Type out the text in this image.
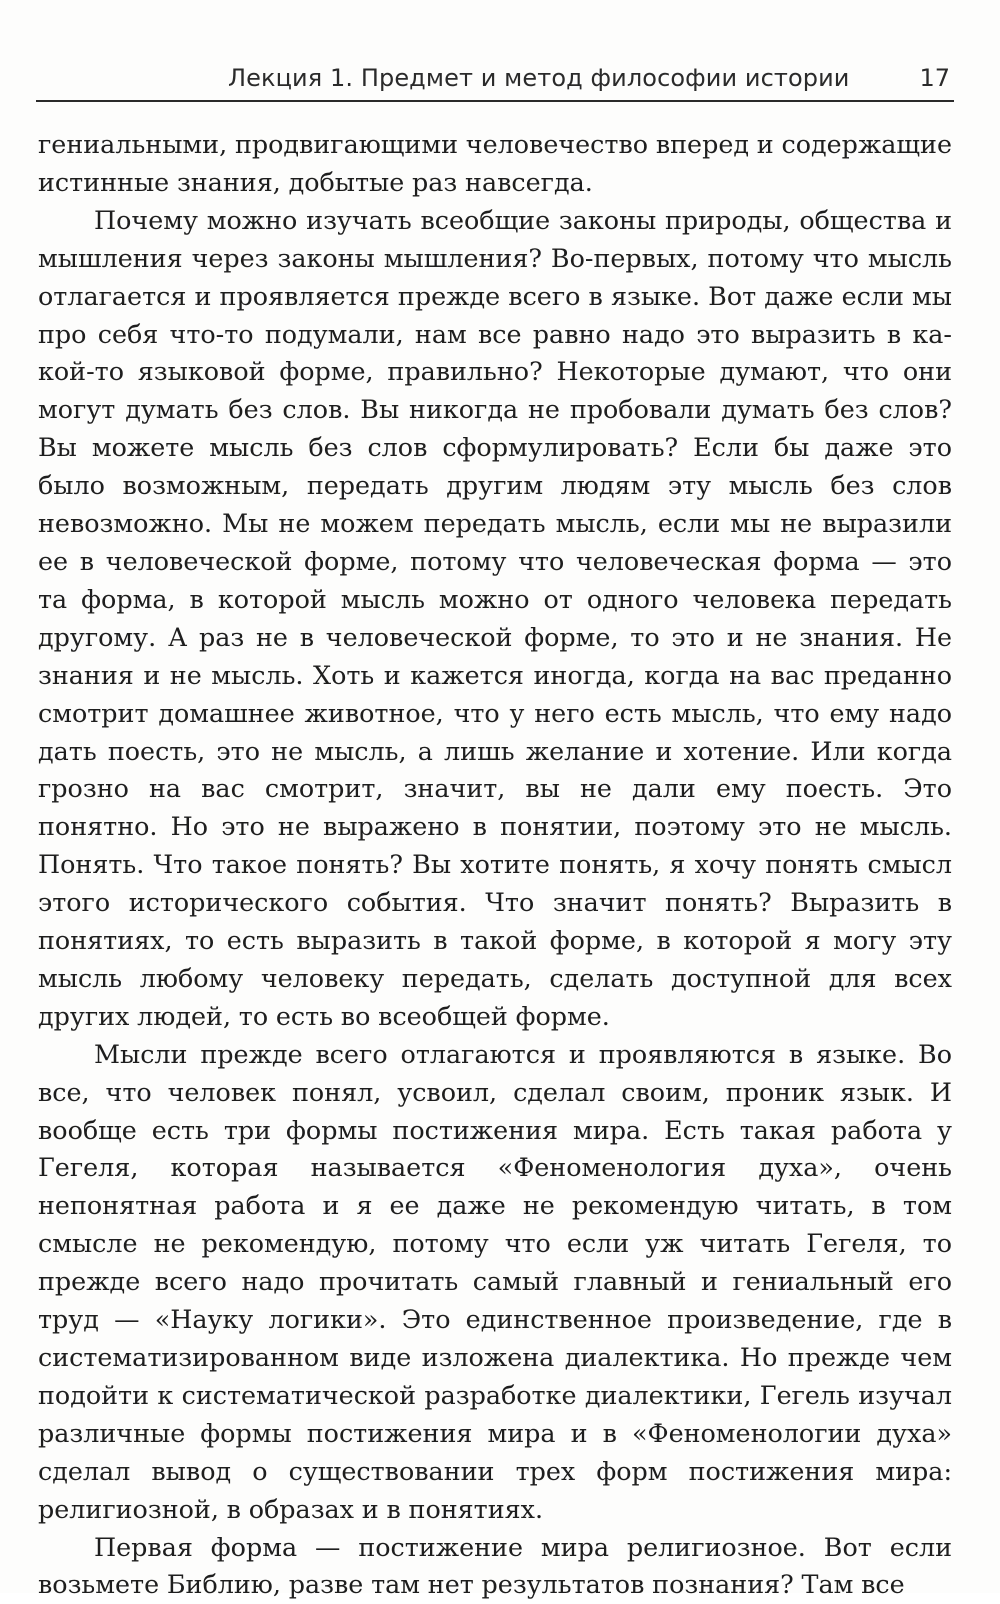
Лекция 1. Предмет и метод философии истории	17

гениальными, продвигающими человечество вперед и содержащие истинные знания, добытые раз навсегда.

Почему можно изучать всеобщие законы природы, общества и мышления через законы мышления? Во-первых, потому что мысль отлагается и проявляется прежде всего в языке. Вот даже если мы про себя что-то подумали, нам все равно надо это выразить в какой-то языковой форме, правильно? Некоторые думают, что они могут думать без слов. Вы никогда не пробовали думать без слов? Вы можете мысль без слов сформулировать? Если бы даже это было возможным, передать другим людям эту мысль без слов невозможно. Мы не можем передать мысль, если мы не выразили ее в человеческой форме, потому что человеческая форма — это та форма, в которой мысль можно от одного человека передать другому. А раз не в человеческой форме, то это и не знания. Не знания и не мысль. Хоть и кажется иногда, когда на вас преданно смотрит домашнее животное, что у него есть мысль, что ему надо дать поесть, это не мысль, а лишь желание и хотение. Или когда грозно на вас смотрит, значит, вы не дали ему поесть. Это понятно. Но это не выражено в понятии, поэтому это не мысль. Понять. Что такое понять? Вы хотите понять, я хочу понять смысл этого исторического события. Что значит понять? Выразить в понятиях, то есть выразить в такой форме, в которой я могу эту мысль любому человеку передать, сделать доступной для всех других людей, то есть во всеобщей форме.

Мысли прежде всего отлагаются и проявляются в языке. Во все, что человек понял, усвоил, сделал своим, проник язык. И вообще есть три формы постижения мира. Есть такая работа у Гегеля, которая называется «Феноменология духа», очень непонятная работа и я ее даже не рекомендую читать, в том смысле не рекомендую, потому что если уж читать Гегеля, то прежде всего надо прочитать самый главный и гениальный его труд — «Науку логики». Это единственное произведение, где в систематизированном виде изложена диалектика. Но прежде чем подойти к систематической разработке диалектики, Гегель изучал различные формы постижения мира и в «Феноменологии духа» сделал вывод о существовании трех форм постижения мира: религиозной, в образах и в понятиях.

Первая форма — постижение мира религиозное. Вот если возьмете Библию, разве там нет результатов познания? Там все
